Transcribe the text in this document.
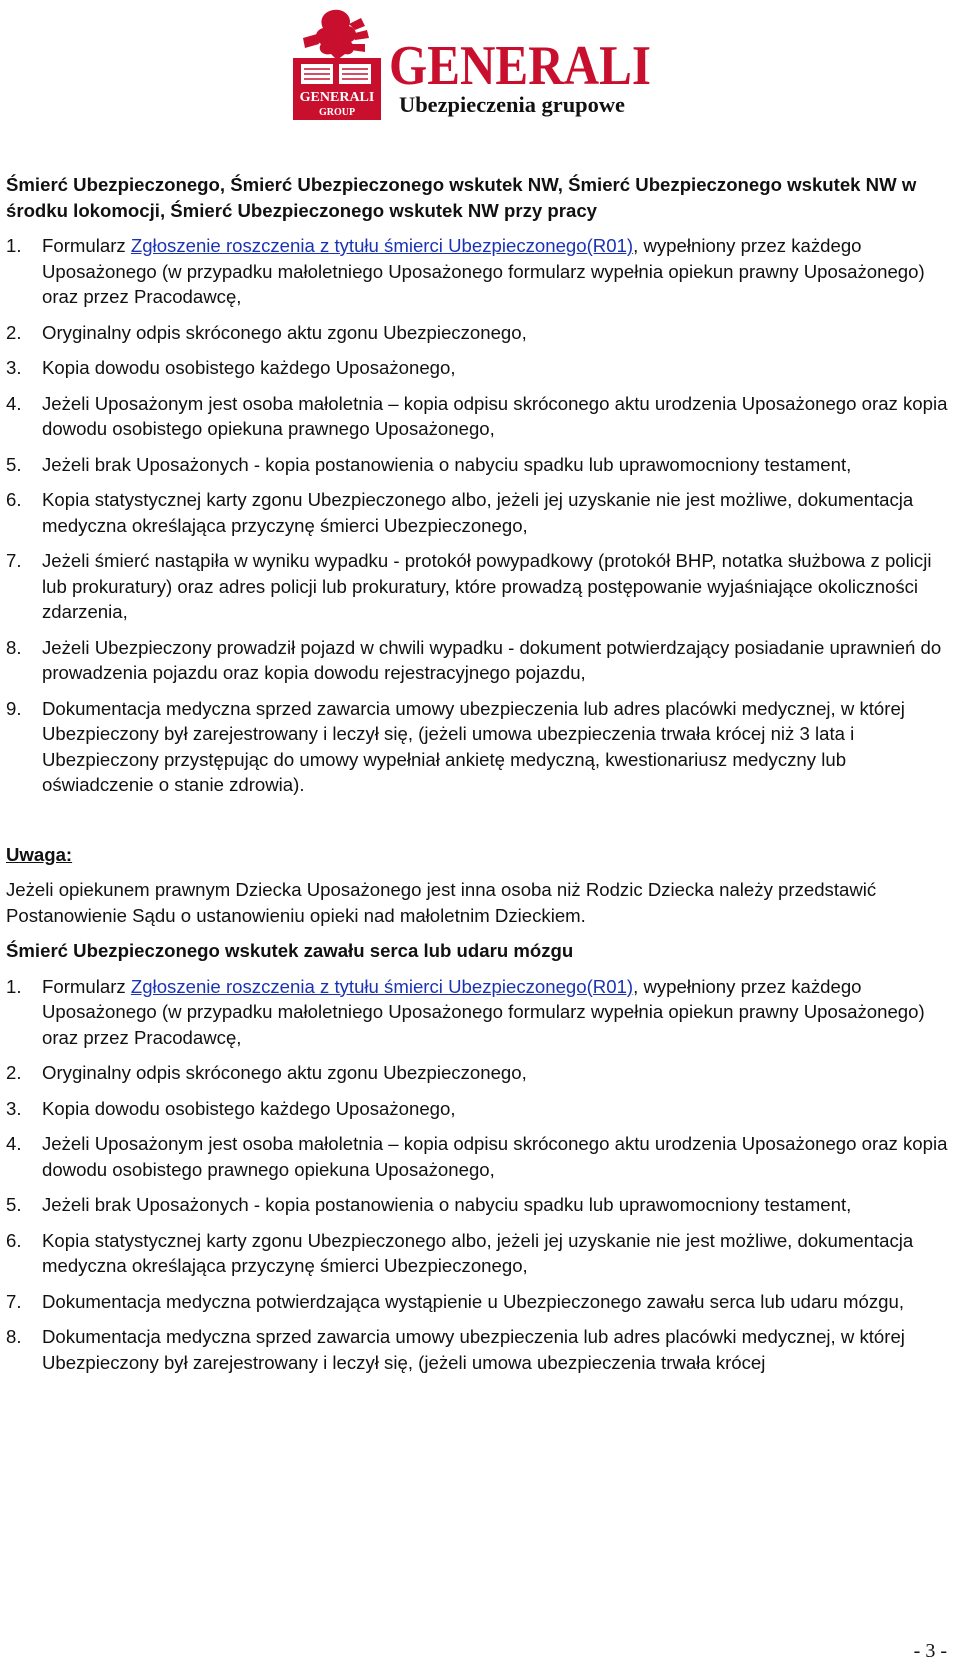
GENERALI
GROUP
GENERALI
Ubezpieczenia grupowe
Śmierć Ubezpieczonego, Śmierć Ubezpieczonego wskutek NW, Śmierć Ubezpieczonego wskutek NW w środku lokomocji, Śmierć Ubezpieczonego wskutek NW przy pracy
1. Formularz Zgłoszenie roszczenia z tytułu śmierci Ubezpieczonego(R01), wypełniony przez każdego Uposażonego (w przypadku małoletniego Uposażonego formularz wypełnia opiekun prawny Uposażonego) oraz przez Pracodawcę,
2. Oryginalny odpis skróconego aktu zgonu Ubezpieczonego,
3. Kopia dowodu osobistego każdego Uposażonego,
4. Jeżeli Uposażonym jest osoba małoletnia – kopia odpisu skróconego aktu urodzenia Uposażonego oraz kopia dowodu osobistego opiekuna prawnego Uposażonego,
5. Jeżeli brak Uposażonych - kopia postanowienia o nabyciu spadku lub uprawomocniony testament,
6. Kopia statystycznej karty zgonu Ubezpieczonego albo, jeżeli jej uzyskanie nie jest możliwe, dokumentacja medyczna określająca przyczynę śmierci Ubezpieczonego,
7. Jeżeli śmierć nastąpiła w wyniku wypadku - protokół powypadkowy (protokół BHP, notatka służbowa z policji lub prokuratury) oraz adres policji lub prokuratury, które prowadzą postępowanie wyjaśniające okoliczności zdarzenia,
8. Jeżeli Ubezpieczony prowadził pojazd w chwili wypadku - dokument potwierdzający posiadanie uprawnień do prowadzenia pojazdu oraz kopia dowodu rejestracyjnego pojazdu,
9. Dokumentacja medyczna sprzed zawarcia umowy ubezpieczenia lub adres placówki medycznej, w której Ubezpieczony był zarejestrowany i leczył się, (jeżeli umowa ubezpieczenia trwała krócej niż 3 lata i Ubezpieczony przystępując do umowy wypełniał ankietę medyczną, kwestionariusz medyczny lub oświadczenie o stanie zdrowia).
Uwaga:
Jeżeli opiekunem prawnym Dziecka Uposażonego jest inna osoba niż Rodzic Dziecka należy przedstawić Postanowienie Sądu o ustanowieniu opieki nad małoletnim Dzieckiem.
Śmierć Ubezpieczonego wskutek zawału serca lub udaru mózgu
1. Formularz Zgłoszenie roszczenia z tytułu śmierci Ubezpieczonego(R01), wypełniony przez każdego Uposażonego (w przypadku małoletniego Uposażonego formularz wypełnia opiekun prawny Uposażonego) oraz przez Pracodawcę,
2. Oryginalny odpis skróconego aktu zgonu Ubezpieczonego,
3. Kopia dowodu osobistego każdego Uposażonego,
4. Jeżeli Uposażonym jest osoba małoletnia – kopia odpisu skróconego aktu urodzenia Uposażonego oraz kopia dowodu osobistego prawnego opiekuna Uposażonego,
5. Jeżeli brak Uposażonych - kopia postanowienia o nabyciu spadku lub uprawomocniony testament,
6. Kopia statystycznej karty zgonu Ubezpieczonego albo, jeżeli jej uzyskanie nie jest możliwe, dokumentacja medyczna określająca przyczynę śmierci Ubezpieczonego,
7. Dokumentacja medyczna potwierdzająca wystąpienie u Ubezpieczonego zawału serca lub udaru mózgu,
8. Dokumentacja medyczna sprzed zawarcia umowy ubezpieczenia lub adres placówki medycznej, w której Ubezpieczony był zarejestrowany i leczył się, (jeżeli umowa ubezpieczenia trwała krócej
- 3 -
